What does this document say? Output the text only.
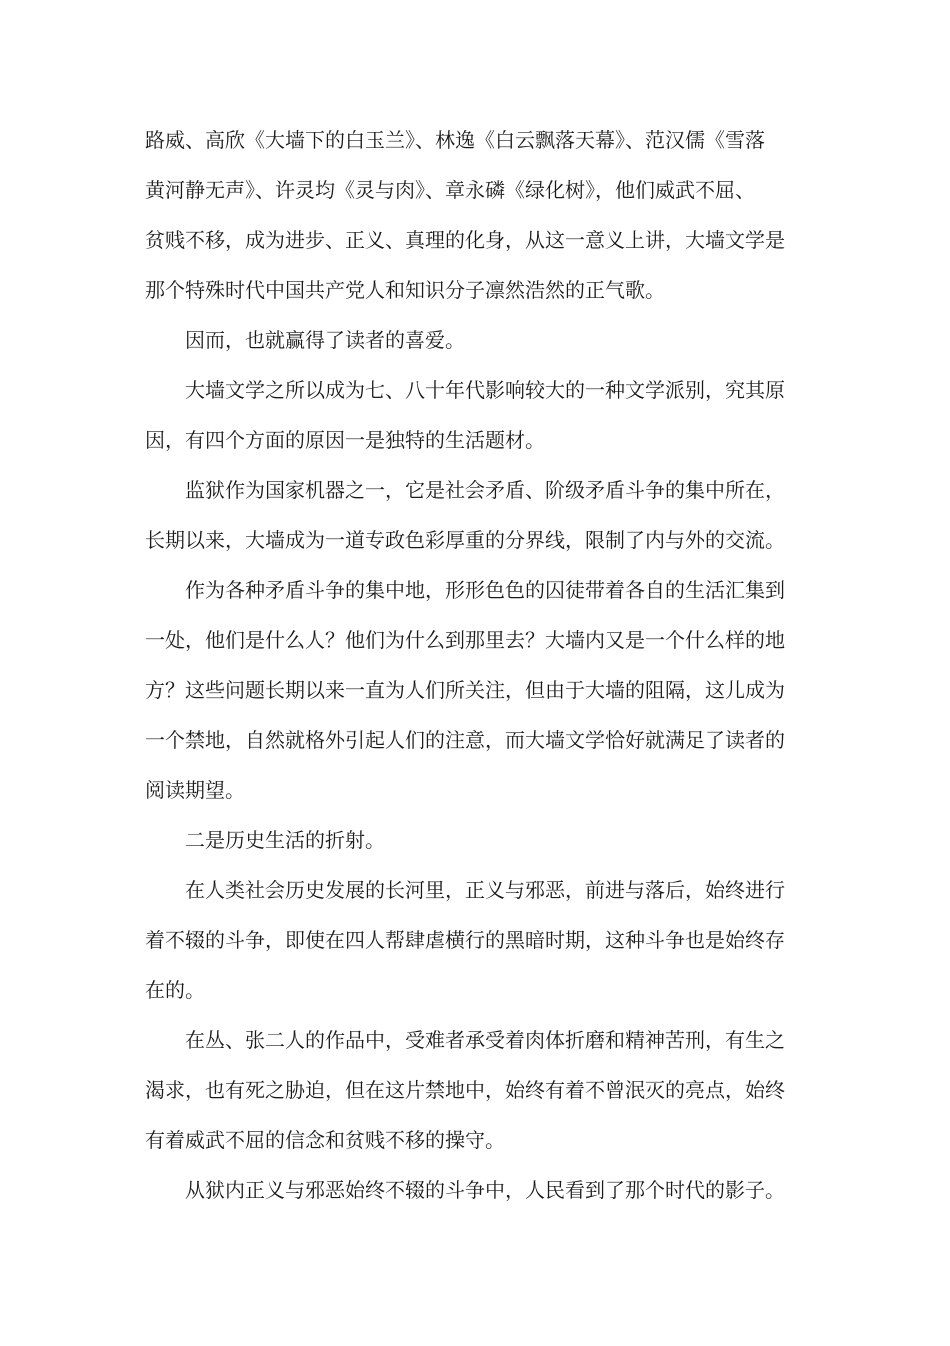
路威、高欣《大墙下的白玉兰》、林逸《白云飘落天幕》、范汉儒《雪落
黄河静无声》、许灵均《灵与肉》、章永磷《绿化树》，他们威武不屈、
贫贱不移，成为进步、正义、真理的化身，从这一意义上讲，大墙文学是
那个特殊时代中国共产党人和知识分子凛然浩然的正气歌。
因而，也就赢得了读者的喜爱。
大墙文学之所以成为七、八十年代影响较大的一种文学派别，究其原
因，有四个方面的原因一是独特的生活题材。
监狱作为国家机器之一，它是社会矛盾、阶级矛盾斗争的集中所在，
长期以来，大墙成为一道专政色彩厚重的分界线，限制了内与外的交流。
作为各种矛盾斗争的集中地，形形色色的囚徒带着各自的生活汇集到
一处，他们是什么人？他们为什么到那里去？大墙内又是一个什么样的地
方？这些问题长期以来一直为人们所关注，但由于大墙的阻隔，这儿成为
一个禁地，自然就格外引起人们的注意，而大墙文学恰好就满足了读者的
阅读期望。
二是历史生活的折射。
在人类社会历史发展的长河里，正义与邪恶，前进与落后，始终进行
着不辍的斗争，即使在四人帮肆虐横行的黑暗时期，这种斗争也是始终存
在的。
在丛、张二人的作品中，受难者承受着肉体折磨和精神苦刑，有生之
渴求，也有死之胁迫，但在这片禁地中，始终有着不曾泯灭的亮点，始终
有着威武不屈的信念和贫贱不移的操守。
从狱内正义与邪恶始终不辍的斗争中，人民看到了那个时代的影子。
